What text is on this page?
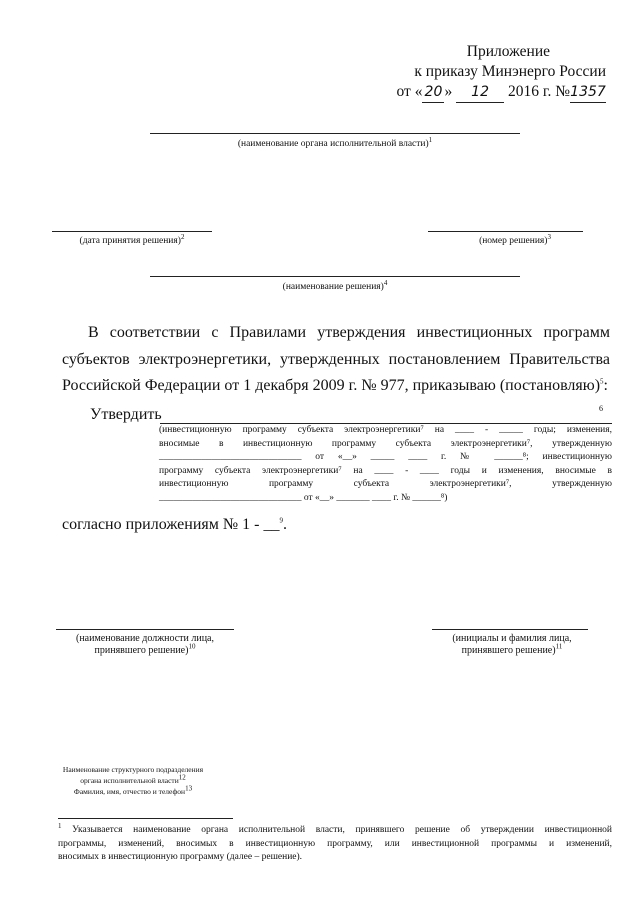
Приложение
к приказу Минэнерго России
от « 20 » 12 2016 г. №1357
(наименование органа исполнительной власти)$^1$
(дата принятия решения)$^2$	(номер решения)$^3$
(наименование решения)$^4$
В соответствии с Правилами утверждения инвестиционных программ
субъектов электроэнергетики, утвержденных постановлением Правительства
Российской Федерации от 1 декабря 2009 г. № 977, приказываю (постановляю)$^5$:
Утвердить	6
(инвестиционную программу субъекта электроэнергетики⁷ на ____ - _____ годы; изменения,
вносимые в инвестиционную программу субъекта электроэнергетики⁷, утвержденную
______________________________ от «__» _____ ____ г. № ______⁸; инвестиционную
программу субъекта электроэнергетики⁷ на ____ - ____ годы и изменения, вносимые в
инвестиционную программу субъекта электроэнергетики⁷, утвержденную
______________________________ от «__» _______ ____ г. № ______⁸)
согласно приложениям № 1 - __$^9$.
(наименование должности лица,
принявшего решение)$^{10}$
(инициалы и фамилия лица,
принявшего решение)$^{11}$
Наименование структурного подразделения
органа исполнительной власти$^{12}$
Фамилия, имя, отчество и телефон$^{13}$
$^1$ Указывается наименование органа исполнительной власти, принявшего решение об утверждении инвестиционной
программы, изменений, вносимых в инвестиционную программу, или инвестиционной программы и изменений,
вносимых в инвестиционную программу (далее – решение).
